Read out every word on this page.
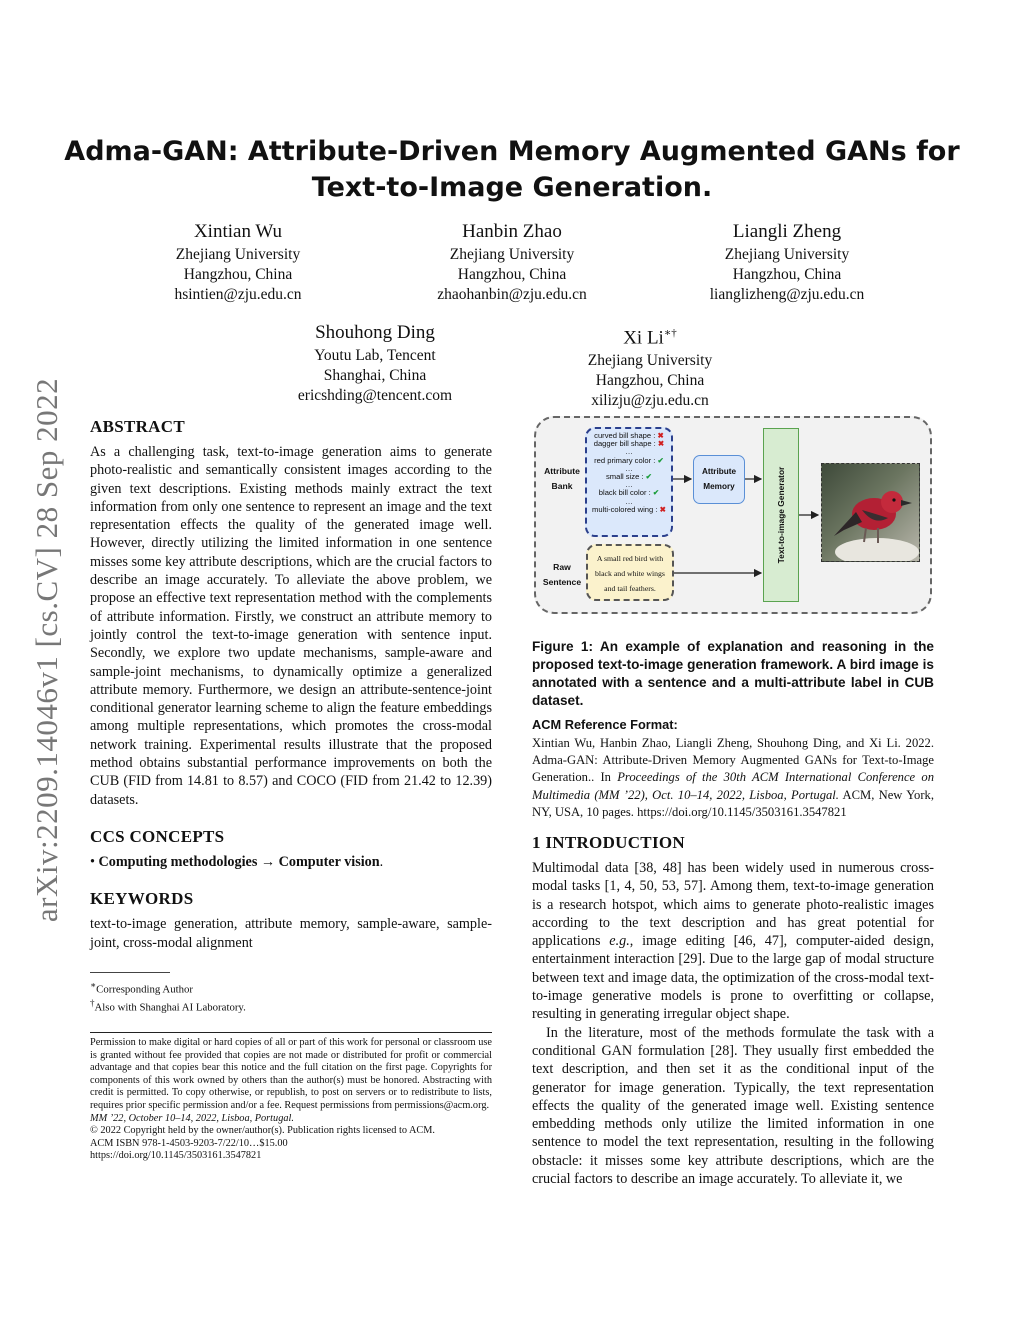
arXiv:2209.14046v1 [cs.CV] 28 Sep 2022
Adma-GAN: Attribute-Driven Memory Augmented GANs for
Text-to-Image Generation.
Xintian Wu
Zhejiang University
Hangzhou, China
hsintien@zju.edu.cn
Hanbin Zhao
Zhejiang University
Hangzhou, China
zhaohanbin@zju.edu.cn
Liangli Zheng
Zhejiang University
Hangzhou, China
lianglizheng@zju.edu.cn
Shouhong Ding
Youtu Lab, Tencent
Shanghai, China
ericshding@tencent.com
Xi Li∗†
Zhejiang University
Hangzhou, China
xilizju@zju.edu.cn
ABSTRACT

As a challenging task, text-to-image generation aims to generate photo-realistic and semantically consistent images according to the given text descriptions. Existing methods mainly extract the text information from only one sentence to represent an image and the text representation effects the quality of the generated image well. However, directly utilizing the limited information in one sentence misses some key attribute descriptions, which are the crucial factors to describe an image accurately. To alleviate the above problem, we propose an effective text representation method with the complements of attribute information. Firstly, we construct an attribute memory to jointly control the text-to-image generation with sentence input. Secondly, we explore two update mechanisms, sample-aware and sample-joint mechanisms, to dynamically optimize a generalized attribute memory. Furthermore, we design an attribute-sentence-joint conditional generator learning scheme to align the feature embeddings among multiple representations, which promotes the cross-modal network training. Experimental results illustrate that the proposed method obtains substantial performance improvements on both the CUB (FID from 14.81 to 8.57) and COCO (FID from 21.42 to 12.39) datasets.

CCS CONCEPTS
• Computing methodologies → Computer vision.
KEYWORDS

text-to-image generation, attribute memory, sample-aware, sample-joint, cross-modal alignment

∗Corresponding Author
†Also with Shanghai AI Laboratory.
Permission to make digital or hard copies of all or part of this work for personal or classroom use is granted without fee provided that copies are not made or distributed for profit or commercial advantage and that copies bear this notice and the full citation on the first page. Copyrights for components of this work owned by others than the author(s) must be honored. Abstracting with credit is permitted. To copy otherwise, or republish, to post on servers or to redistribute to lists, requires prior specific permission and/or a fee. Request permissions from permissions@acm.org.
MM ’22, October 10–14, 2022, Lisboa, Portugal.
© 2022 Copyright held by the owner/author(s). Publication rights licensed to ACM.
ACM ISBN 978-1-4503-9203-7/22/10…$15.00
https://doi.org/10.1145/3503161.3547821
Attribute
Bank
Raw
Sentence
curved bill shape : ✖
dagger bill shape : ✖
…
red primary color : ✔
…
small size : ✔
…
black bill color : ✔
…
multi-colored wing : ✖
A small red bird with
black and white wings
and tail feathers.
Attribute
Memory	Text-to-image Generator
Figure 1: An example of explanation and reasoning in the proposed text-to-image generation framework. A bird image is annotated with a sentence and a multi-attribute label in CUB dataset.
ACM Reference Format:
Xintian Wu, Hanbin Zhao, Liangli Zheng, Shouhong Ding, and Xi Li. 2022. Adma-GAN: Attribute-Driven Memory Augmented GANs for Text-to-Image Generation.. In Proceedings of the 30th ACM International Conference on Multimedia (MM ’22), Oct. 10–14, 2022, Lisboa, Portugal. ACM, New York, NY, USA, 10 pages. https://doi.org/10.1145/3503161.3547821
1 INTRODUCTION

Multimodal data [38, 48] has been widely used in numerous cross-modal tasks [1, 4, 50, 53, 57]. Among them, text-to-image generation is a research hotspot, which aims to generate photo-realistic images according to the text description and has great potential for applications e.g., image editing [46, 47], computer-aided design, entertainment interaction [29]. Due to the large gap of modal structure between text and image data, the optimization of the cross-modal text-to-image generative models is prone to overfitting or collapse, resulting in generating irregular object shape.

In the literature, most of the methods formulate the task with a conditional GAN formulation [28]. They usually first embedded the text description, and then set it as the conditional input of the generator for image generation. Typically, the text representation effects the quality of the generated image well. Existing sentence embedding methods only utilize the limited information in one sentence to model the text representation, resulting in the following obstacle: it misses some key attribute descriptions, which are the crucial factors to describe an image accurately. To alleviate it, we
